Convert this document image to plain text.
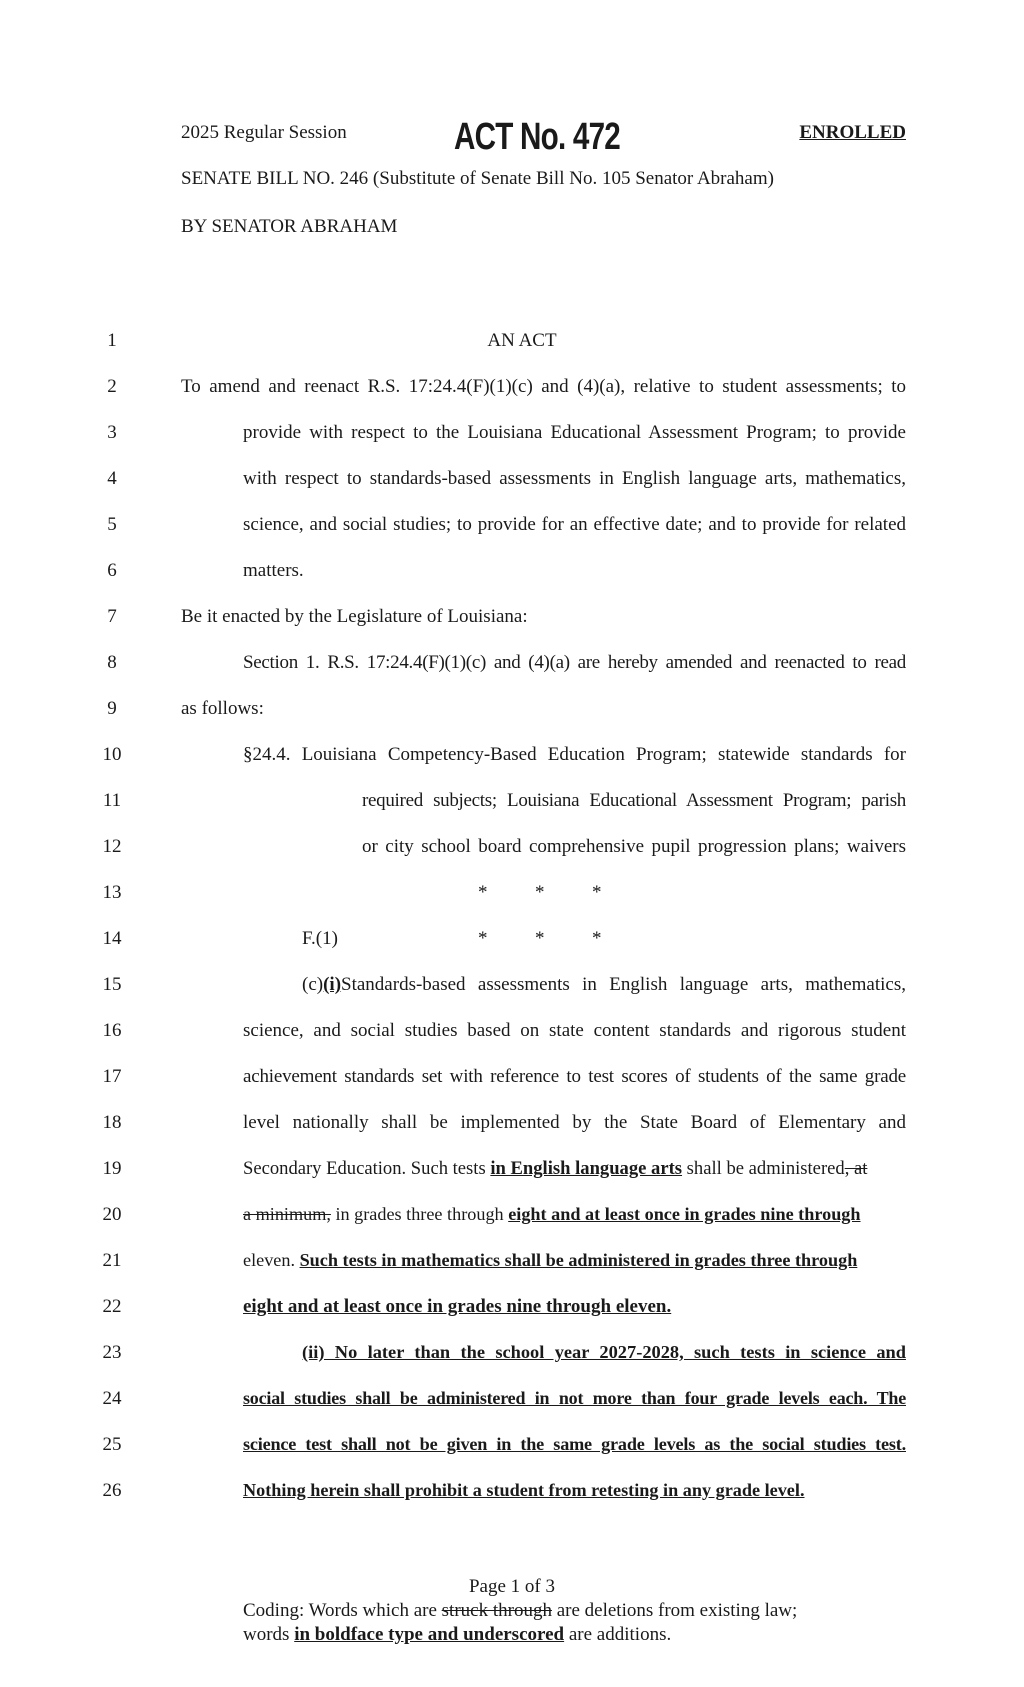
2025 Regular Session	ACT No. 472	ENROLLED
SENATE BILL NO. 246 (Substitute of Senate Bill No. 105 Senator Abraham)
BY SENATOR ABRAHAM
1	AN ACT
2	To amend and reenact R.S. 17:24.4(F)(1)(c) and (4)(a), relative to student assessments; to
3	provide with respect to the Louisiana Educational Assessment Program; to provide
4	with respect to standards-based assessments in English language arts, mathematics,
5	science, and social studies; to provide for an effective date; and to provide for related
6	matters.
7	Be it enacted by the Legislature of Louisiana:
8	Section 1. R.S. 17:24.4(F)(1)(c) and (4)(a) are hereby amended and reenacted to read
9	as follows:
10	§24.4. Louisiana Competency-Based Education Program; statewide standards for
11	required subjects; Louisiana Educational Assessment Program; parish
12	or city school board comprehensive pupil progression plans; waivers
13	*          *          *
14	F.(1)	*          *          *
15	(c) (i) Standards-based assessments in English language arts, mathematics,
16	science, and social studies based on state content standards and rigorous student
17	achievement standards set with reference to test scores of students of the same grade
18	level nationally shall be implemented by the State Board of Elementary and
19	Secondary Education. Such tests in English language arts shall be administered, at
20	a minimum, in grades three through eight and at least once in grades nine through
21	eleven. Such tests in mathematics shall be administered in grades three through
22	eight and at least once in grades nine through eleven.
23	(ii) No later than the school year 2027-2028, such tests in science and
24	social studies shall be administered in not more than four grade levels each. The
25	science test shall not be given in the same grade levels as the social studies test.
26	Nothing herein shall prohibit a student from retesting in any grade level.
Page 1 of 3
Coding: Words which are struck through are deletions from existing law;
words in boldface type and underscored are additions.
